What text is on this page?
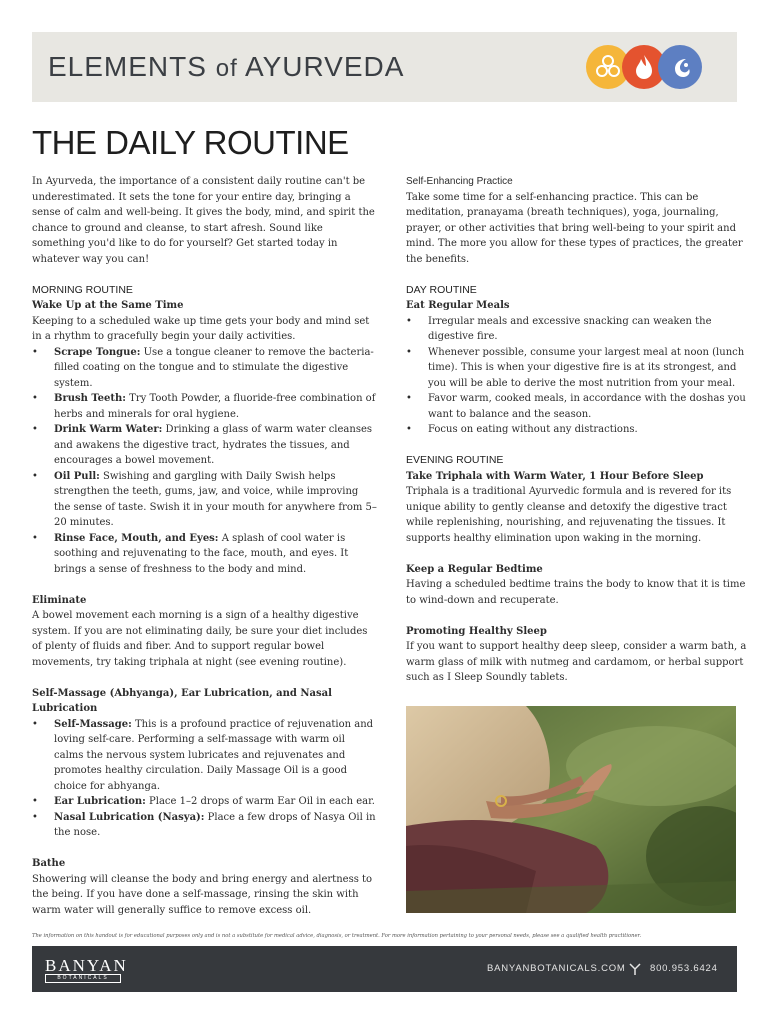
ELEMENTS of AYURVEDA
THE DAILY ROUTINE

In Ayurveda, the importance of a consistent daily routine can't be underestimated. It sets the tone for your entire day, bringing a sense of calm and well-being. It gives the body, mind, and spirit the chance to ground and cleanse, to start afresh. Sound like something you'd like to do for yourself? Get started today in whatever way you can!

MORNING ROUTINE

Wake Up at the Same Time

Keeping to a scheduled wake up time gets your body and mind set in a rhythm to gracefully begin your daily activities.

• Scrape Tongue: Use a tongue cleaner to remove the bacteria-filled coating on the tongue and to stimulate the digestive system.
• Brush Teeth: Try Tooth Powder, a fluoride-free combination of herbs and minerals for oral hygiene.
• Drink Warm Water: Drinking a glass of warm water cleanses and awakens the digestive tract, hydrates the tissues, and encourages a bowel movement.
• Oil Pull: Swishing and gargling with Daily Swish helps strengthen the teeth, gums, jaw, and voice, while improving the sense of taste. Swish it in your mouth for anywhere from 5–20 minutes.
• Rinse Face, Mouth, and Eyes: A splash of cool water is soothing and rejuvenating to the face, mouth, and eyes. It brings a sense of freshness to the body and mind.

Eliminate

A bowel movement each morning is a sign of a healthy digestive system. If you are not eliminating daily, be sure your diet includes of plenty of fluids and fiber. And to support regular bowel movements, try taking triphala at night (see evening routine).

Self-Massage (Abhyanga), Ear Lubrication, and Nasal Lubrication

• Self-Massage: This is a profound practice of rejuvenation and loving self-care. Performing a self-massage with warm oil calms the nervous system lubricates and rejuvenates and promotes healthy circulation. Daily Massage Oil is a good choice for abhyanga.
• Ear Lubrication: Place 1–2 drops of warm Ear Oil in each ear.
• Nasal Lubrication (Nasya): Place a few drops of Nasya Oil in the nose.

Bathe

Showering will cleanse the body and bring energy and alertness to the being. If you have done a self-massage, rinsing the skin with warm water will generally suffice to remove excess oil.

Self-Enhancing Practice

Take some time for a self-enhancing practice. This can be meditation, pranayama (breath techniques), yoga, journaling, prayer, or other activities that bring well-being to your spirit and mind. The more you allow for these types of practices, the greater the benefits.

DAY ROUTINE

Eat Regular Meals

• Irregular meals and excessive snacking can weaken the digestive fire.
• Whenever possible, consume your largest meal at noon (lunch time). This is when your digestive fire is at its strongest, and you will be able to derive the most nutrition from your meal.
• Favor warm, cooked meals, in accordance with the doshas you want to balance and the season.
• Focus on eating without any distractions.

EVENING ROUTINE

Take Triphala with Warm Water, 1 Hour Before Sleep

Triphala is a traditional Ayurvedic formula and is revered for its unique ability to gently cleanse and detoxify the digestive tract while replenishing, nourishing, and rejuvenating the tissues. It supports healthy elimination upon waking in the morning.

Keep a Regular Bedtime

Having a scheduled bedtime trains the body to know that it is time to wind-down and recuperate.

Promoting Healthy Sleep

If you want to support healthy deep sleep, consider a warm bath, a warm glass of milk with nutmeg and cardamom, or herbal support such as I Sleep Soundly tablets.

The information on this handout is for educational purposes only and is not a substitute for medical advice, diagnosis, or treatment. For more information pertaining to your personal needs, please see a qualified health practitioner.

BANYAN
BOTANICALS
BANYANBOTANICALS.COM	800.953.6424
